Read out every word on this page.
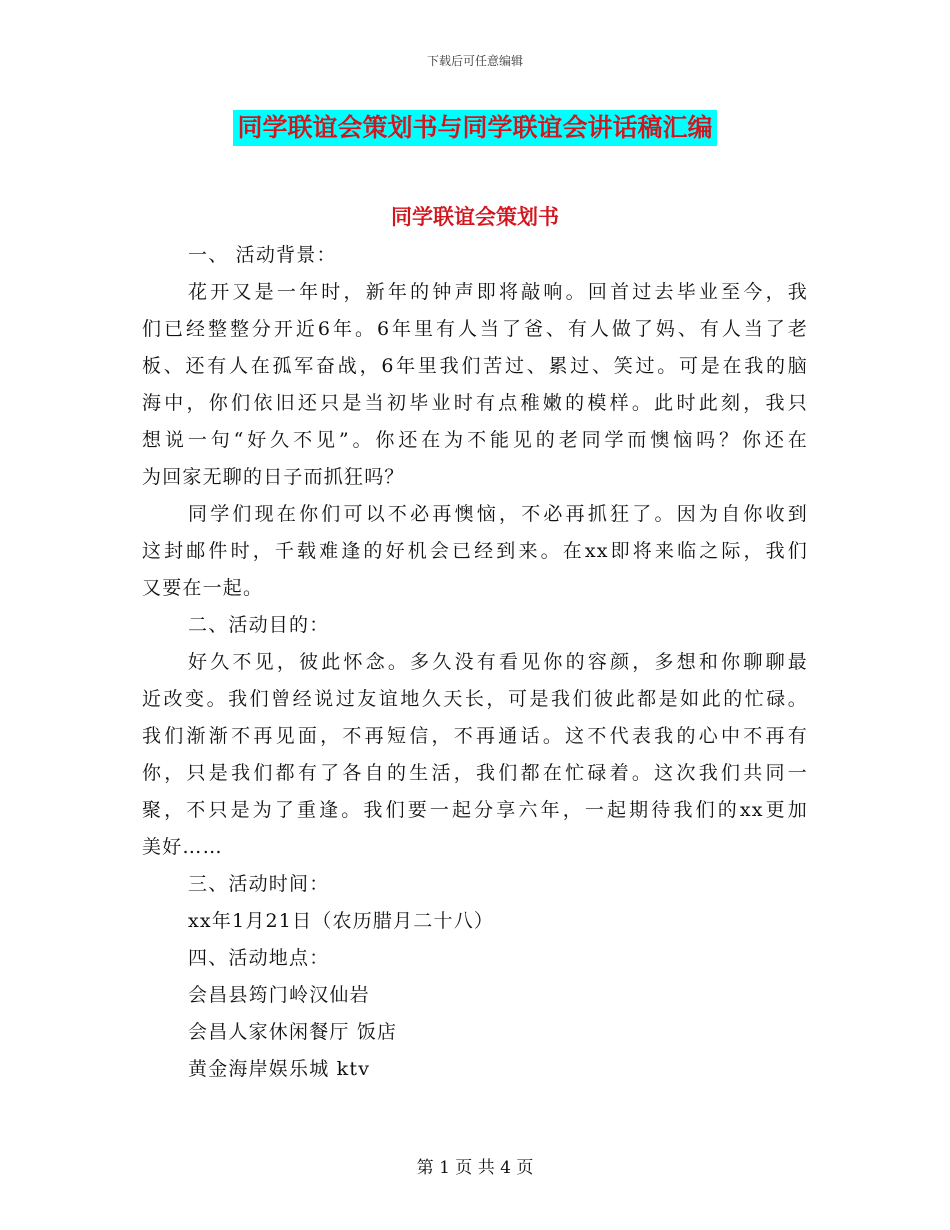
下载后可任意编辑
同学联谊会策划书与同学联谊会讲话稿汇编
同学联谊会策划书

一、 活动背景：

花开又是一年时，新年的钟声即将敲响。回首过去毕业至今，我

们已经整整分开近6年。6年里有人当了爸、有人做了妈、有人当了老

板、还有人在孤军奋战，6年里我们苦过、累过、笑过。可是在我的脑

海中，你们依旧还只是当初毕业时有点稚嫩的模样。此时此刻，我只

想说一句“好久不见”。你还在为不能见的老同学而懊恼吗？你还在

为回家无聊的日子而抓狂吗？

同学们现在你们可以不必再懊恼，不必再抓狂了。因为自你收到

这封邮件时，千载难逢的好机会已经到来。在xx即将来临之际，我们

又要在一起。

二、活动目的：

好久不见，彼此怀念。多久没有看见你的容颜，多想和你聊聊最

近改变。我们曾经说过友谊地久天长，可是我们彼此都是如此的忙碌。

我们渐渐不再见面，不再短信，不再通话。这不代表我的心中不再有

你，只是我们都有了各自的生活，我们都在忙碌着。这次我们共同一

聚，不只是为了重逢。我们要一起分享六年，一起期待我们的xx更加

美好……

三、活动时间：

xx年1月21日（农历腊月二十八）

四、活动地点：

会昌县筠门岭汉仙岩

会昌人家休闲餐厅 饭店

黄金海岸娱乐城 ktv

第 1 页 共 4 页
